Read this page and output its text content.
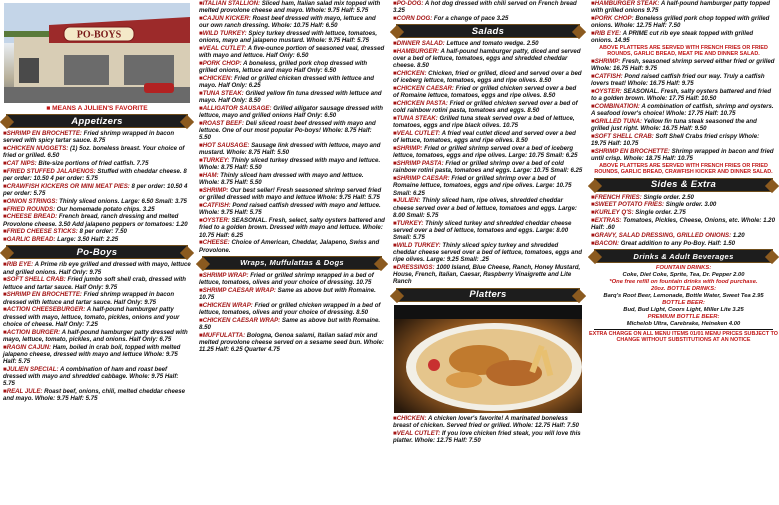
PO-BOYS
■ MEANS A JULIEN'S FAVORITE
Appetizers
■SHRIMP EN BROCHETTE: Fried shrimp wrapped in bacon served with spicy tartar sauce. 8.75
■CHICKEN NUGGETS: (1) 5oz. boneless breast. Your choice of fried or grilled. 6.50
■CAT NIPS: Bite-size portions of fried catfish. 7.75
■FRIED STUFFED JALAPENOS: Stuffed with cheddar cheese. 8 per order: 10.50 4 per order: 5.75
■CRAWFISH KICKERS OR MINI MEAT PIES: 8 per order: 10.50 4 per order: 5.75
■ONION STRINGS: Thinly sliced onions. Large: 6.50 Small: 3.75
■FRIED ROUNDS: Our homemade potato chips. 3.25
■CHEESE BREAD: French bread, ranch dressing and melted Provolone cheese. 3.50 Add jalapeno peppers or tomatoes: 1.20
■FRIED CHEESE STICKS: 8 per order: 7.50
■GARLIC BREAD: Large: 3.50 Half: 2.25
Po-Boys
■RIB EYE: A Prime rib eye grilled and dressed with mayo, lettuce and grilled onions. Half Only: 9.75
■SOFT SHELL CRAB: Fried jumbo soft shell crab, dressed with lettuce and tartar sauce. Half Only: 9.75
■SHRIMP EN BROCHETTE: Fried shrimp wrapped in bacon dressed with lettuce and tartar sauce. Half Only: 9.75
■ACTION CHEESEBURGER: A half-pound hamburger patty dressed with mayo, lettuce, tomato, pickles, onions and your choice of cheese. Half Only: 7.25
■ACTION BURGER: A half-pound hamburger patty dressed with mayo, lettuce, tomato, pickles, and onions. Half Only: 6.75
■RAGIN CAJUN: Ham, boiled in crab boil, topped with melted jalapeno cheese, dressed with mayo and lettuce Whole: 9.75 Half: 5.75
■JULIEN SPECIAL: A combination of ham and roast beef dressed with mayo and shredded cabbage. Whole: 9.75 Half: 5.75
■REAL JULE: Roast beef, onions, chili, melted cheddar cheese and mayo. Whole: 9.75 Half: 5.75
■ITALIAN STALLION: Sliced ham, Italian salad mix topped with melted provolone cheese and mayo. Whole: 9.75 Half: 5.75
■CAJUN KICKER: Roast beef dressed with mayo, lettuce and our own ranch dressing. Whole: 10.75 Half: 6.50
■WILD TURKEY: Spicy turkey dressed with lettuce, tomatoes, onions, mayo and jalapeno mustard. Whole: 9.75 Half: 5.75
■VEAL CUTLET: A five-ounce portion of seasoned veal, dressed with mayo and lettuce. Half Only: 6.50
■PORK CHOP: A boneless, grilled pork chop dressed with grilled onions, lettuce and mayo Half Only: 6.50
■CHICKEN: Fried or grilled chicken dressed with lettuce and mayo. Half Only: 6.25
■TUNA STEAK: Grilled yellow fin tuna dressed with lettuce and mayo. Half Only: 8.50
■ALLIGATOR SAUSAGE: Grilled alligator sausage dressed with lettuce, mayo and grilled onions Half Only: 6.50
■ROAST BEEF: Deli sliced roast beef dressed with mayo and lettuce. One of our most popular Po-boys! Whole: 8.75 Half: 5.50
■HOT SAUSAGE: Sausage link dressed with lettuce, mayo and mustard. Whole: 8.75 Half: 5.50
■TURKEY: Thinly sliced turkey dressed with mayo and lettuce. Whole: 8.75 Half: 5.50
■HAM: Thinly sliced ham dressed with mayo and lettuce. Whole: 8.75 Half: 5.50
■SHRIMP: Our best seller! Fresh seasoned shrimp served fried or grilled dressed with mayo and lettuce Whole: 9.75 Half: 5.75
■CATFISH: Pond raised catfish dressed with mayo and lettuce. Whole: 9.75 Half: 5.75
■OYSTER: SEASONAL. Fresh, select, salty oysters battered and fried to a golden brown. Dressed with mayo and lettuce. Whole: 10.75 Half: 6.25
■CHEESE: Choice of American, Cheddar, Jalapeno, Swiss and Provolone.
Wraps, Muffulattas & Dogs
■SHRIMP WRAP: Fried or grilled shrimp wrapped in a bed of lettuce, tomatoes, olives and your choice of dressing. 10.75
■SHRIMP CAESAR WRAP: Same as above but with Romaine. 10.75
■CHICKEN WRAP: Fried or grilled chicken wrapped in a bed of lettuce, tomatoes, olives and your choice of dressing. 8.50
■CHICKEN CAESAR WRAP: Same as above but with Romaine. 8.50
■MUFFULATTA: Bologna, Genoa salami, Italian salad mix and melted provolone cheese served on a sesame seed bun. Whole: 11.25 Half: 6.25 Quarter 4.75
■PO-DOG: A hot dog dressed with chili served on French bread 3.25
■CORN DOG: For a change of pace 3.25
Salads
■DINNER SALAD: Lettuce and tomato wedge. 2.50
■HAMBURGER: A half-pound hamburger patty, diced and served over a bed of lettuce, tomatoes, eggs and shredded cheddar cheese. 8.50
■CHICKEN: Chicken, fried or grilled, diced and served over a bed of iceberg lettuce, tomatoes, eggs and ripe olives. 8.50
■CHICKEN CAESAR: Fried or grilled chicken served over a bed of Romaine lettuce, tomatoes, eggs and ripe olives. 8.50
■CHICKEN PASTA: Fried or grilled chicken served over a bed of cold rainbow rotini pasta, tomatoes and eggs. 8.50
■TUNA STEAK: Grilled tuna steak served over a bed of lettuce, tomatoes, eggs and ripe black olives. 10.75
■VEAL CUTLET: A fried veal cutlet diced and served over a bed of lettuce, tomatoes, eggs and ripe olives. 8.50
■SHRIMP: Fried or grilled shrimp served over a bed of iceberg lettuce, tomatoes, eggs and ripe olives. Large: 10.75 Small: 6.25
■SHRIMP PASTA: Fried or grilled shrimp over a bed of cold rainbow rotini pasta, tomatoes and eggs. Large: 10.75 Small: 6.25
■SHRIMP CAESAR: Fried or grilled shrimp over a bed of Romaine lettuce, tomatoes, eggs and ripe olives. Large: 10.75 Small: 6.25
■JULIEN: Thinly sliced ham, ripe olives, shredded cheddar cheese served over a bed of lettuce, tomatoes and eggs. Large: 8.00 Small: 5.75
■TURKEY: Thinly sliced turkey and shredded cheddar cheese served over a bed of lettuce, tomatoes and eggs. Large: 8.00 Small: 5.75
■WILD TURKEY: Thinly sliced spicy turkey and shredded cheddar cheese served over a bed of lettuce, tomatoes, eggs and ripe olives. Large: 9.25 Small: .25
■DRESSINGS: 1000 Island, Blue Cheese, Ranch, Honey Mustard, House, French, Italian, Caesar, Raspberry Vinaigrette and Lite Ranch
Platters
■CHICKEN: A chicken lover's favorite! A marinated boneless breast of chicken. Served fried or grilled. Whole: 12.75 Half: 7.50
■VEAL CUTLET: If you love chicken fried steak, you will love this platter. Whole: 12.75 Half: 7.50
■HAMBURGER STEAK: A half-pound hamburger patty topped with grilled onions 9.75
■PORK CHOP: Boneless grilled pork chop topped with grilled onions. Whole: 12.75 Half: 7.50
■RIB EYE: A PRIME cut rib eye steak topped with grilled onions. 14.95
ABOVE PLATTERS ARE SERVED WITH FRENCH FRIES OR FRIED ROUNDS, GARLIC BREAD, MEAT PIE AND DINNER SALAD.
■SHRIMP: Fresh, seasoned shrimp served either fried or grilled Whole: 16.75 Half: 9.75
■CATFISH: Pond raised catfish fried our way. Truly a catfish lovers treat! Whole: 16.75 Half: 9.75
■OYSTER: SEASONAL. Fresh, salty oysters battered and fried to a golden brown. Whole: 17.75 Half: 10.50
■COMBINATION: A combination of catfish, shrimp and oysters. A seafood lover's choice! Whole: 17.75 Half: 10.75
■GRILLED TUNA: Yellow fin tuna steak seasoned the and grilled just right. Whole: 16.75 Half: 9.50
■SOFT SHELL CRAB: Soft Shell Crabs fried crispy Whole: 19.75 Half: 10.75
■SHRIMP EN BROCHETTE: Shrimp wrapped in bacon and fried until crisp. Whole: 18.75 Half: 10.75
ABOVE PLATTERS ARE SERVED WITH FRENCH FRIES OR FRIED ROUNDS, GARLIC BREAD, CRAWFISH KICKER AND DINNER SALAD.
Sides & Extra
■FRENCH FRIES: Single order. 2.50
■SWEET POTATO FRIES: Single order. 3.00
■KURLEY Q'S: Single order. 2.75
■EXTRAS: Tomatoes, Pickles, Cheese, Onions, etc. Whole: 1.20 Half: .60
■GRAVY, SALAD DRESSING, GRILLED ONIONS: 1.20
■BACON: Great addition to any Po-Boy. Half: 1.50
Drinks & Adult Beverages
FOUNTAIN DRINKS:
Coke, Diet Coke, Sprite, Tea, Dr. Pepper 2.00
*One free refill on fountain drinks with food purchase.
20oz. BOTTLE DRINKS:
Barq's Root Beer, Lemonade, Bottle Water, Sweet Tea 2.95
BOTTLE BEER:
Bud, Bud Light, Coors Light, Miller Lite 3.25
PREMIUM BOTTLE BEER:
Michelob Ultra, Carebrake, Heineken 4.00
EXTRA CHARGE ON ALL MENU ITEMS 01/01 MENU PRICES SUBJECT TO CHANGE WITHOUT SUBSTITUTIONS AT AN NOTICE
